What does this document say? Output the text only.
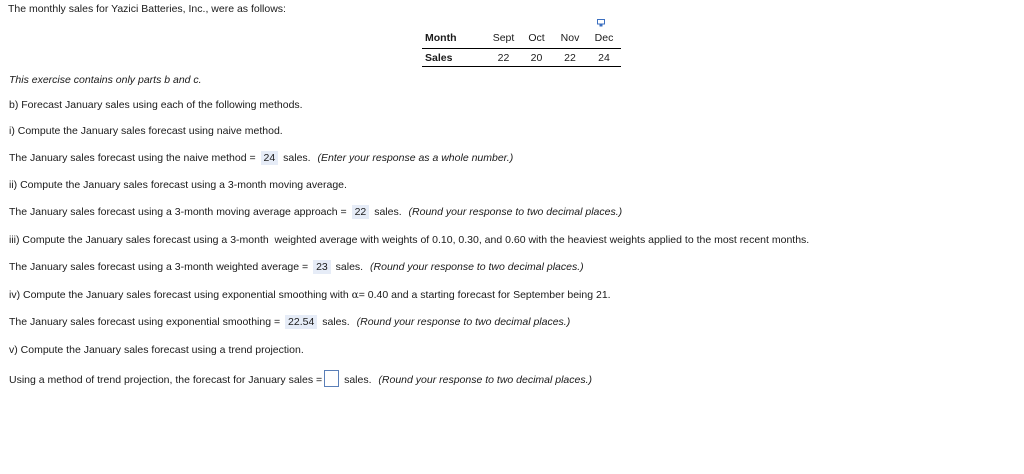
The monthly sales for Yazici Batteries, Inc., were as follows:
Month	Sept	Oct	Nov	Dec
Sales	22	20	22	24
This exercise contains only parts b and c.
b) Forecast January sales using each of the following methods.
i) Compute the January sales forecast using naive method.
The January sales forecast using the naive method = 24 sales. (Enter your response as a whole number.)
ii) Compute the January sales forecast using a 3-month moving average.
The January sales forecast using a 3-month moving average approach = 22 sales. (Round your response to two decimal places.)
iii) Compute the January sales forecast using a 3-month  weighted average with weights of 0.10, 0.30, and 0.60 with the heaviest weights applied to the most recent months.
The January sales forecast using a 3-month weighted average = 23 sales. (Round your response to two decimal places.)
iv) Compute the January sales forecast using exponential smoothing with α= 0.40 and a starting forecast for September being 21.
The January sales forecast using exponential smoothing = 22.54 sales. (Round your response to two decimal places.)
v) Compute the January sales forecast using a trend projection.
Using a method of trend projection, the forecast for January sales = sales. (Round your response to two decimal places.)
